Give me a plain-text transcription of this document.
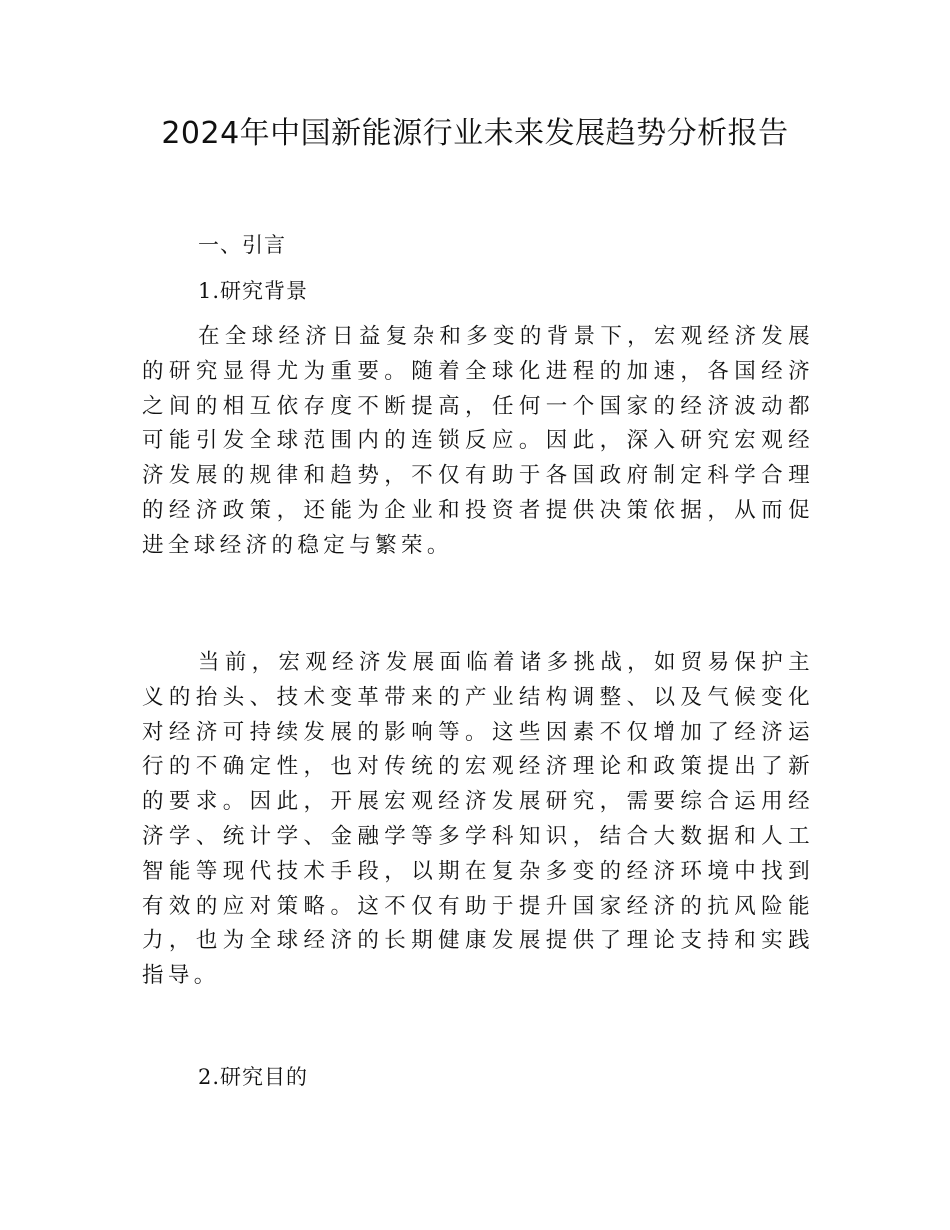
2024年中国新能源行业未来发展趋势分析报告
一、引言
1.研究背景

在全球经济日益复杂和多变的背景下，宏观经济发展的研究显得尤为重要。随着全球化进程的加速，各国经济之间的相互依存度不断提高，任何一个国家的经济波动都可能引发全球范围内的连锁反应。因此，深入研究宏观经济发展的规律和趋势，不仅有助于各国政府制定科学合理的经济政策，还能为企业和投资者提供决策依据，从而促进全球经济的稳定与繁荣。

当前，宏观经济发展面临着诸多挑战，如贸易保护主义的抬头、技术变革带来的产业结构调整、以及气候变化对经济可持续发展的影响等。这些因素不仅增加了经济运行的不确定性，也对传统的宏观经济理论和政策提出了新的要求。因此，开展宏观经济发展研究，需要综合运用经济学、统计学、金融学等多学科知识，结合大数据和人工智能等现代技术手段，以期在复杂多变的经济环境中找到有效的应对策略。这不仅有助于提升国家经济的抗风险能力，也为全球经济的长期健康发展提供了理论支持和实践指导。

2.研究目的
